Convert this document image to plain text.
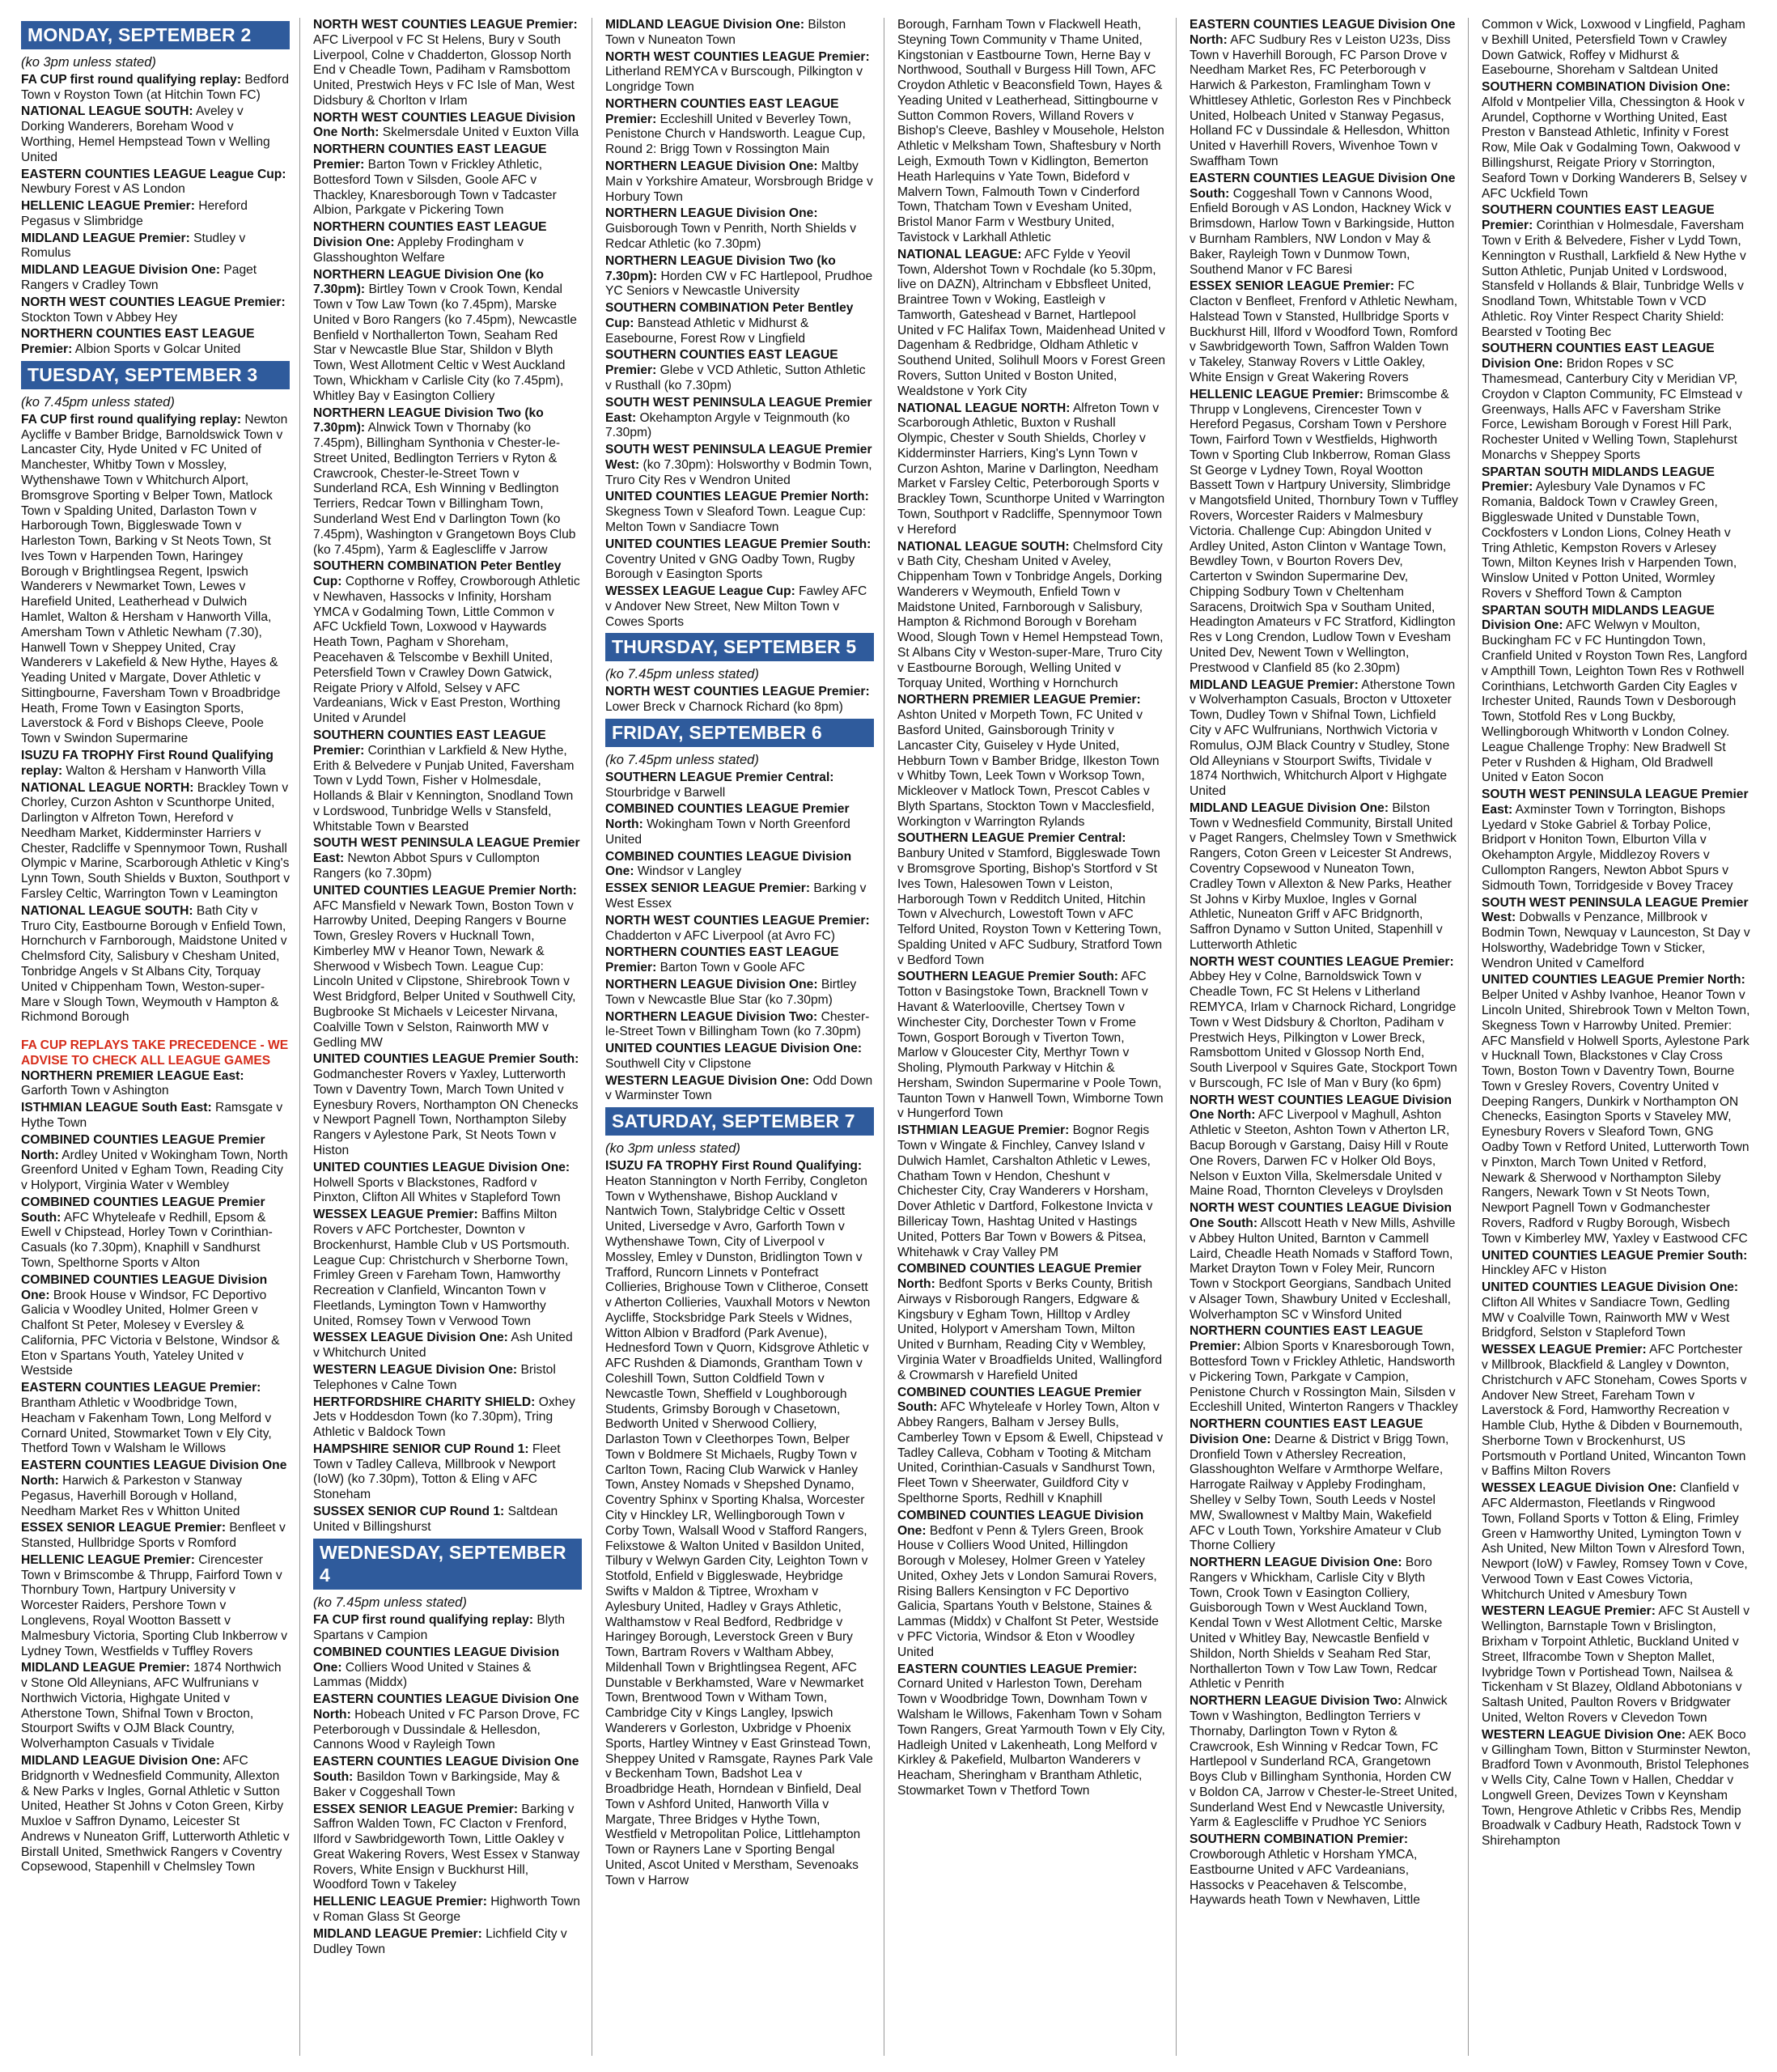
MONDAY, SEPTEMBER 2
(ko 3pm unless stated)
FA CUP first round qualifying replay: Bedford Town v Royston Town (at Hitchin Town FC)
NATIONAL LEAGUE SOUTH: Aveley v Dorking Wanderers, Boreham Wood v Worthing, Hemel Hempstead Town v Welling United
EASTERN COUNTIES LEAGUE League Cup: Newbury Forest v AS London
HELLENIC LEAGUE Premier: Hereford Pegasus v Slimbridge
MIDLAND LEAGUE Premier: Studley v Romulus
MIDLAND LEAGUE Division One: Paget Rangers v Cradley Town
NORTH WEST COUNTIES LEAGUE Premier: Stockton Town v Abbey Hey
NORTHERN COUNTIES EAST LEAGUE Premier: Albion Sports v Golcar United
TUESDAY, SEPTEMBER 3
(ko 7.45pm unless stated)
FA CUP first round qualifying replay: Newton Aycliffe v Bamber Bridge, Barnoldswick Town v Lancaster City, Hyde United v FC United of Manchester, Whitby Town v Mossley, Wythenshawe Town v Whitchurch Alport, Bromsgrove Sporting v Belper Town, Matlock Town v Spalding United, Darlaston Town v Harborough Town, Biggleswade Town v Harleston Town, Barking v St Neots Town, St Ives Town v Harpenden Town, Haringey Borough v Brightlingsea Regent, Ipswich Wanderers v Newmarket Town, Lewes v Harefield United, Leatherhead v Dulwich Hamlet, Walton & Hersham v Hanworth Villa, Amersham Town v Athletic Newham (7.30), Hanwell Town v Sheppey United, Cray Wanderers v Lakefield & New Hythe, Hayes & Yeading United v Margate, Dover Athletic v Sittingbourne, Faversham Town v Broadbridge Heath, Frome Town v Easington Sports, Laverstock & Ford v Bishops Cleeve, Poole Town v Swindon Supermarine
ISUZU FA TROPHY First Round Qualifying replay: Walton & Hersham v Hanworth Villa
NATIONAL LEAGUE NORTH: Brackley Town v Chorley, Curzon Ashton v Scunthorpe United, Darlington v Alfreton Town, Hereford v Needham Market, Kidderminster Harriers v Chester, Radcliffe v Spennymoor Town, Rushall Olympic v Marine, Scarborough Athletic v King's Lynn Town, South Shields v Buxton, Southport v Farsley Celtic, Warrington Town v Leamington
NATIONAL LEAGUE SOUTH: Bath City v Truro City, Eastbourne Borough v Enfield Town, Hornchurch v Farnborough, Maidstone United v Chelmsford City, Salisbury v Chesham United, Tonbridge Angels v St Albans City, Torquay United v Chippenham Town, Weston-super-Mare v Slough Town, Weymouth v Hampton & Richmond Borough
FA CUP REPLAYS TAKE PRECEDENCE - WE ADVISE TO CHECK ALL LEAGUE GAMES
NORTHERN PREMIER LEAGUE East: Garforth Town v Ashington
ISTHMIAN LEAGUE South East: Ramsgate v Hythe Town
COMBINED COUNTIES LEAGUE Premier North: Ardley United v Wokingham Town, North Greenford United v Egham Town, Reading City v Holyport, Virginia Water v Wembley
COMBINED COUNTIES LEAGUE Premier South: AFC Whyteleafe v Redhill, Epsom & Ewell v Chipstead, Horley Town v Corinthian-Casuals (ko 7.30pm), Knaphill v Sandhurst Town, Spelthorne Sports v Alton
COMBINED COUNTIES LEAGUE Division One: Brook House v Windsor, FC Deportivo Galicia v Woodley United, Holmer Green v Chalfont St Peter, Molesey v Eversley & California, PFC Victoria v Belstone, Windsor & Eton v Spartans Youth, Yateley United v Westside
EASTERN COUNTIES LEAGUE Premier: Brantham Athletic v Woodbridge Town, Heacham v Fakenham Town, Long Melford v Cornard United, Stowmarket Town v Ely City, Thetford Town v Walsham le Willows
EASTERN COUNTIES LEAGUE Division One North: Harwich & Parkeston v Stanway Pegasus, Haverhill Borough v Holland, Needham Market Res v Whitton United
ESSEX SENIOR LEAGUE Premier: Benfleet v Stansted, Hullbridge Sports v Romford
HELLENIC LEAGUE Premier: Cirencester Town v Brimscombe & Thrupp, Fairford Town v Thornbury Town, Hartpury University v Worcester Raiders, Pershore Town v Longlevens, Royal Wootton Bassett v Malmesbury Victoria, Sporting Club Inkberrow v Lydney Town, Westfields v Tuffley Rovers
MIDLAND LEAGUE Premier: 1874 Northwich v Stone Old Alleynians, AFC Wulfrunians v Northwich Victoria, Highgate United v Atherstone Town, Shifnal Town v Brocton, Stourport Swifts v OJM Black Country, Wolverhampton Casuals v Tividale
MIDLAND LEAGUE Division One: AFC Bridgnorth v Wednesfield Community, Allexton & New Parks v Ingles, Gornal Athletic v Sutton United, Heather St Johns v Coton Green, Kirby Muxloe v Saffron Dynamo, Leicester St Andrews v Nuneaton Griff, Lutterworth Athletic v Birstall United, Smethwick Rangers v Coventry Copsewood, Stapenhill v Chelmsley Town
NORTH WEST COUNTIES LEAGUE Premier: AFC Liverpool v FC St Helens, Bury v South Liverpool, Colne v Chadderton, Glossop North End v Cheadle Town, Padiham v Ramsbottom United, Prestwich Heys v FC Isle of Man, West Didsbury & Chorlton v Irlam
NORTH WEST COUNTIES LEAGUE Division One North: Skelmersdale United v Euxton Villa
NORTHERN COUNTIES EAST LEAGUE Premier: Barton Town v Frickley Athletic, Bottesford Town v Silsden, Goole AFC v Thackley, Knaresborough Town v Tadcaster Albion, Parkgate v Pickering Town
NORTHERN COUNTIES EAST LEAGUE Division One: Appleby Frodingham v Glasshoughton Welfare
NORTHERN LEAGUE Division One (ko 7.30pm): Birtley Town v Crook Town, Kendal Town v Tow Law Town (ko 7.45pm), Marske United v Boro Rangers (ko 7.45pm), Newcastle Benfield v Northallerton Town, Seaham Red Star v Newcastle Blue Star, Shildon v Blyth Town, West Allotment Celtic v West Auckland Town, Whickham v Carlisle City (ko 7.45pm), Whitley Bay v Easington Colliery
NORTHERN LEAGUE Division Two (ko 7.30pm): Alnwick Town v Thornaby (ko 7.45pm), Billingham Synthonia v Chester-le-Street United, Bedlington Terriers v Ryton & Crawcrook, Chester-le-Street Town v Sunderland RCA, Esh Winning v Bedlington Terriers, Redcar Town v Billingham Town, Sunderland West End v Darlington Town (ko 7.45pm), Washington v Grangetown Boys Club (ko 7.45pm), Yarm & Eaglescliffe v Jarrow
SOUTHERN COMBINATION Peter Bentley Cup: Copthorne v Roffey, Crowborough Athletic v Newhaven, Hassocks v Infinity, Horsham YMCA v Godalming Town, Little Common v AFC Uckfield Town, Loxwood v Haywards Heath Town, Pagham v Shoreham, Peacehaven & Telscombe v Bexhill United, Petersfield Town v Crawley Down Gatwick, Reigate Priory v Alfold, Selsey v AFC Vardeanians, Wick v East Preston, Worthing United v Arundel
SOUTHERN COUNTIES EAST LEAGUE Premier: Corinthian v Larkfield & New Hythe, Erith & Belvedere v Punjab United, Faversham Town v Lydd Town, Fisher v Holmesdale, Hollands & Blair v Kennington, Snodland Town v Lordswood, Tunbridge Wells v Stansfeld, Whitstable Town v Bearsted
SOUTH WEST PENINSULA LEAGUE Premier East: Newton Abbot Spurs v Cullompton Rangers (ko 7.30pm)
UNITED COUNTIES LEAGUE Premier North: AFC Mansfield v Newark Town, Boston Town v Harrowby United, Deeping Rangers v Bourne Town, Gresley Rovers v Hucknall Town, Kimberley MW v Heanor Town, Newark & Sherwood v Wisbech Town. League Cup: Lincoln United v Clipstone, Shirebrook Town v West Bridgford, Belper United v Southwell City, Bugbrooke St Michaels v Leicester Nirvana, Coalville Town v Selston, Rainworth MW v Gedling MW
UNITED COUNTIES LEAGUE Premier South: Godmanchester Rovers v Yaxley, Lutterworth Town v Daventry Town, March Town United v Eynesbury Rovers, Northampton ON Chenecks v Newport Pagnell Town, Northampton Sileby Rangers v Aylestone Park, St Neots Town v Histon
UNITED COUNTIES LEAGUE Division One: Holwell Sports v Blackstones, Radford v Pinxton, Clifton All Whites v Stapleford Town
WESSEX LEAGUE Premier: Baffins Milton Rovers v AFC Portchester, Downton v Brockenhurst, Hamble Club v US Portsmouth. League Cup: Christchurch v Sherborne Town, Frimley Green v Fareham Town, Hamworthy Recreation v Clanfield, Wincanton Town v Fleetlands, Lymington Town v Hamworthy United, Romsey Town v Verwood Town
WESSEX LEAGUE Division One: Ash United v Whitchurch United
WESTERN LEAGUE Division One: Bristol Telephones v Calne Town
HERTFORDSHIRE CHARITY SHIELD: Oxhey Jets v Hoddesdon Town (ko 7.30pm), Tring Athletic v Baldock Town
HAMPSHIRE SENIOR CUP Round 1: Fleet Town v Tadley Calleva, Millbrook v Newport (IoW) (ko 7.30pm), Totton & Eling v AFC Stoneham
SUSSEX SENIOR CUP Round 1: Saltdean United v Billingshurst
WEDNESDAY, SEPTEMBER 4
(ko 7.45pm unless stated)
FA CUP first round qualifying replay: Blyth Spartans v Campion
COMBINED COUNTIES LEAGUE Division One: Colliers Wood United v Staines & Lammas (Middx)
EASTERN COUNTIES LEAGUE Division One North: Hobeach United v FC Parson Drove, FC Peterborough v Dussindale & Hellesdon, Cannons Wood v Rayleigh Town
EASTERN COUNTIES LEAGUE Division One South: Basildon Town v Barkingside, May & Baker v Coggeshall Town
ESSEX SENIOR LEAGUE Premier: Barking v Saffron Walden Town, FC Clacton v Frenford, Ilford v Sawbridgeworth Town, Little Oakley v Great Wakering Rovers, West Essex v Stanway Rovers, White Ensign v Buckhurst Hill, Woodford Town v Takeley
HELLENIC LEAGUE Premier: Highworth Town v Roman Glass St George
MIDLAND LEAGUE Premier: Lichfield City v Dudley Town
MIDLAND LEAGUE Division One: Bilston Town v Nuneaton Town
NORTH WEST COUNTIES LEAGUE Premier: Litherland REMYCA v Burscough, Pilkington v Longridge Town
NORTHERN COUNTIES EAST LEAGUE Premier: Eccleshill United v Beverley Town, Penistone Church v Handsworth. League Cup, Round 2: Brigg Town v Rossington Main
NORTHERN LEAGUE Division One: Maltby Main v Yorkshire Amateur, Worsbrough Bridge v Horbury Town
NORTHERN LEAGUE Division One: Guisborough Town v Penrith, North Shields v Redcar Athletic (ko 7.30pm)
NORTHERN LEAGUE Division Two (ko 7.30pm): Horden CW v FC Hartlepool, Prudhoe YC Seniors v Newcastle University
SOUTHERN COMBINATION Peter Bentley Cup: Banstead Athletic v Midhurst & Easebourne, Forest Row v Lingfield
SOUTHERN COUNTIES EAST LEAGUE Premier: Glebe v VCD Athletic, Sutton Athletic v Rusthall (ko 7.30pm)
SOUTH WEST PENINSULA LEAGUE Premier East: Okehampton Argyle v Teignmouth (ko 7.30pm)
SOUTH WEST PENINSULA LEAGUE Premier West: (ko 7.30pm): Holsworthy v Bodmin Town, Truro City Res v Wendron United
UNITED COUNTIES LEAGUE Premier North: Skegness Town v Sleaford Town. League Cup: Melton Town v Sandiacre Town
UNITED COUNTIES LEAGUE Premier South: Coventry United v GNG Oadby Town, Rugby Borough v Easington Sports
WESSEX LEAGUE League Cup: Fawley AFC v Andover New Street, New Milton Town v Cowes Sports
THURSDAY, SEPTEMBER 5
(ko 7.45pm unless stated)
NORTH WEST COUNTIES LEAGUE Premier: Lower Breck v Charnock Richard (ko 8pm)
FRIDAY, SEPTEMBER 6
(ko 7.45pm unless stated)
SOUTHERN LEAGUE Premier Central: Stourbridge v Barwell
COMBINED COUNTIES LEAGUE Premier North: Wokingham Town v North Greenford United
COMBINED COUNTIES LEAGUE Division One: Windsor v Langley
ESSEX SENIOR LEAGUE Premier: Barking v West Essex
NORTH WEST COUNTIES LEAGUE Premier: Chadderton v AFC Liverpool (at Avro FC)
NORTHERN COUNTIES EAST LEAGUE Premier: Barton Town v Goole AFC
NORTHERN LEAGUE Division One: Birtley Town v Newcastle Blue Star (ko 7.30pm)
NORTHERN LEAGUE Division Two: Chester-le-Street Town v Billingham Town (ko 7.30pm)
UNITED COUNTIES LEAGUE Division One: Southwell City v Clipstone
WESTERN LEAGUE Division One: Odd Down v Warminster Town
SATURDAY, SEPTEMBER 7
(ko 3pm unless stated)
ISUZU FA TROPHY First Round Qualifying: Heaton Stannington v North Ferriby, Congleton Town v Wythenshawe, Bishop Auckland v Nantwich Town, Stalybridge Celtic v Ossett United, Liversedge v Avro, Garforth Town v Wythenshawe Town, City of Liverpool v Mossley, Emley v Dunston, Bridlington Town v Trafford, Runcorn Linnets v Pontefract Collieries, Brighouse Town v Clitheroe, Consett v Atherton Collieries, Vauxhall Motors v Newton Aycliffe, Stocksbridge Park Steels v Widnes, Witton Albion v Bradford (Park Avenue), Hednesford Town v Quorn, Kidsgrove Athletic v AFC Rushden & Diamonds, Grantham Town v Coleshill Town, Sutton Coldfield Town v Newcastle Town, Sheffield v Loughborough Students, Grimsby Borough v Chasetown, Bedworth United v Sherwood Colliery, Darlaston Town v Cleethorpes Town, Belper Town v Boldmere St Michaels, Rugby Town v Carlton Town, Racing Club Warwick v Hanley Town, Anstey Nomads v Shepshed Dynamo, Coventry Sphinx v Sporting Khalsa, Worcester City v Hinckley LR, Wellingborough Town v Corby Town, Walsall Wood v Stafford Rangers, Felixstowe & Walton United v Basildon United, Tilbury v Welwyn Garden City, Leighton Town v Stotfold, Enfield v Biggleswade, Heybridge Swifts v Maldon & Tiptree, Wroxham v Aylesbury United, Hadley v Grays Athletic, Walthamstow v Real Bedford, Redbridge v Haringey Borough, Leverstock Green v Bury Town, Bartram Rovers v Waltham Abbey, Mildenhall Town v Brightlingsea Regent, AFC Dunstable v Berkhamsted, Ware v Newmarket Town, Brentwood Town v Witham Town, Cambridge City v Kings Langley, Ipswich Wanderers v Gorleston, Uxbridge v Phoenix Sports, Hartley Wintney v East Grinstead Town, Sheppey United v Ramsgate, Raynes Park Vale v Beckenham Town, Badshot Lea v Broadbridge Heath, Horndean v Binfield, Deal Town v Ashford United, Hanworth Villa v Margate, Three Bridges v Hythe Town, Westfield v Metropolitan Police, Littlehampton Town or Rayners Lane v Sporting Bengal United, Ascot United v Merstham, Sevenoaks Town v Harrow
Borough, Farnham Town v Flackwell Heath, Steyning Town Community v Thame United, Kingstonian v Eastbourne Town, Herne Bay v Northwood, Southall v Burgess Hill Town, AFC Croydon Athletic v Beaconsfield Town, Hayes & Yeading United v Leatherhead, Sittingbourne v Sutton Common Rovers, Willand Rovers v Bishop's Cleeve, Bashley v Mousehole, Helston Athletic v Melksham Town, Shaftesbury v North Leigh, Exmouth Town v Kidlington, Bemerton Heath Harlequins v Yate Town, Bideford v Malvern Town, Falmouth Town v Cinderford Town, Thatcham Town v Evesham United, Bristol Manor Farm v Westbury United, Tavistock v Larkhall Athletic
NATIONAL LEAGUE: AFC Fylde v Yeovil Town, Aldershot Town v Rochdale (ko 5.30pm, live on DAZN), Altrincham v Ebbsfleet United, Braintree Town v Woking, Eastleigh v Tamworth, Gateshead v Barnet, Hartlepool United v FC Halifax Town, Maidenhead United v Dagenham & Redbridge, Oldham Athletic v Southend United, Solihull Moors v Forest Green Rovers, Sutton United v Boston United, Wealdstone v York City
NATIONAL LEAGUE NORTH: Alfreton Town v Scarborough Athletic, Buxton v Rushall Olympic, Chester v South Shields, Chorley v Kidderminster Harriers, King's Lynn Town v Curzon Ashton, Marine v Darlington, Needham Market v Farsley Celtic, Peterborough Sports v Brackley Town, Scunthorpe United v Warrington Town, Southport v Radcliffe, Spennymoor Town v Hereford
NATIONAL LEAGUE SOUTH: Chelmsford City v Bath City, Chesham United v Aveley, Chippenham Town v Tonbridge Angels, Dorking Wanderers v Weymouth, Enfield Town v Maidstone United, Farnborough v Salisbury, Hampton & Richmond Borough v Boreham Wood, Slough Town v Hemel Hempstead Town, St Albans City v Weston-super-Mare, Truro City v Eastbourne Borough, Welling United v Torquay United, Worthing v Hornchurch
NORTHERN PREMIER LEAGUE Premier: Ashton United v Morpeth Town, FC United v Basford United, Gainsborough Trinity v Lancaster City, Guiseley v Hyde United, Hebburn Town v Bamber Bridge, Ilkeston Town v Whitby Town, Leek Town v Worksop Town, Mickleover v Matlock Town, Prescot Cables v Blyth Spartans, Stockton Town v Macclesfield, Workington v Warrington Rylands
SOUTHERN LEAGUE Premier Central: Banbury United v Stamford, Biggleswade Town v Bromsgrove Sporting, Bishop's Stortford v St Ives Town, Halesowen Town v Leiston, Harborough Town v Redditch United, Hitchin Town v Alvechurch, Lowestoft Town v AFC Telford United, Royston Town v Kettering Town, Spalding United v AFC Sudbury, Stratford Town v Bedford Town
SOUTHERN LEAGUE Premier South: AFC Totton v Basingstoke Town, Bracknell Town v Havant & Waterlooville, Chertsey Town v Winchester City, Dorchester Town v Frome Town, Gosport Borough v Tiverton Town, Marlow v Gloucester City, Merthyr Town v Sholing, Plymouth Parkway v Hitchin & Hersham, Swindon Supermarine v Poole Town, Taunton Town v Hanwell Town, Wimborne Town v Hungerford Town
ISTHMIAN LEAGUE Premier: Bognor Regis Town v Wingate & Finchley, Canvey Island v Dulwich Hamlet, Carshalton Athletic v Lewes, Chatham Town v Hendon, Cheshunt v Chichester City, Cray Wanderers v Horsham, Dover Athletic v Dartford, Folkestone Invicta v Billericay Town, Hashtag United v Hastings United, Potters Bar Town v Bowers & Pitsea, Whitehawk v Cray Valley PM
COMBINED COUNTIES LEAGUE Premier North: Bedfont Sports v Berks County, British Airways v Risborough Rangers, Edgware & Kingsbury v Egham Town, Hilltop v Ardley United, Holyport v Amersham Town, Milton United v Burnham, Reading City v Wembley, Virginia Water v Broadfields United, Wallingford & Crowmarsh v Harefield United
COMBINED COUNTIES LEAGUE Premier South: AFC Whyteleafe v Horley Town, Alton v Abbey Rangers, Balham v Jersey Bulls, Camberley Town v Epsom & Ewell, Chipstead v Tadley Calleva, Cobham v Tooting & Mitcham United, Corinthian-Casuals v Sandhurst Town, Fleet Town v Sheerwater, Guildford City v Spelthorne Sports, Redhill v Knaphill
COMBINED COUNTIES LEAGUE Division One: Bedfont v Penn & Tylers Green, Brook House v Colliers Wood United, Hillingdon Borough v Molesey, Holmer Green v Yateley United, Oxhey Jets v London Samurai Rovers, Rising Ballers Kensington v FC Deportivo Galicia, Spartans Youth v Belstone, Staines & Lammas (Middx) v Chalfont St Peter, Westside v PFC Victoria, Windsor & Eton v Woodley United
EASTERN COUNTIES LEAGUE Premier: Cornard United v Harleston Town, Dereham Town v Woodbridge Town, Downham Town v Walsham le Willows, Fakenham Town v Soham Town Rangers, Great Yarmouth Town v Ely City, Hadleigh United v Lakenheath, Long Melford v Kirkley & Pakefield, Mulbarton Wanderers v Heacham, Sheringham v Brantham Athletic, Stowmarket Town v Thetford Town
EASTERN COUNTIES LEAGUE Division One North: AFC Sudbury Res v Leiston U23s, Diss Town v Haverhill Borough, FC Parson Drove v Needham Market Res, FC Peterborough v Harwich & Parkeston, Framlingham Town v Whittlesey Athletic, Gorleston Res v Pinchbeck United, Holbeach United v Stanway Pegasus, Holland FC v Dussindale & Hellesdon, Whitton United v Haverhill Rovers, Wivenhoe Town v Swaffham Town
EASTERN COUNTIES LEAGUE Division One South: Coggeshall Town v Cannons Wood, Enfield Borough v AS London, Hackney Wick v Brimsdown, Harlow Town v Barkingside, Hutton v Burnham Ramblers, NW London v May & Baker, Rayleigh Town v Dunmow Town, Southend Manor v FC Baresi
ESSEX SENIOR LEAGUE Premier: FC Clacton v Benfleet, Frenford v Athletic Newham, Halstead Town v Stansted, Hullbridge Sports v Buckhurst Hill, Ilford v Woodford Town, Romford v Sawbridgeworth Town, Saffron Walden Town v Takeley, Stanway Rovers v Little Oakley, White Ensign v Great Wakering Rovers
HELLENIC LEAGUE Premier: Brimscombe & Thrupp v Longlevens, Cirencester Town v Hereford Pegasus, Corsham Town v Pershore Town, Fairford Town v Westfields, Highworth Town v Sporting Club Inkberrow, Roman Glass St George v Lydney Town, Royal Wootton Bassett Town v Hartpury University, Slimbridge v Mangotsfield United, Thornbury Town v Tuffley Rovers, Worcester Raiders v Malmesbury Victoria. Challenge Cup: Abingdon United v Ardley United, Aston Clinton v Wantage Town, Bewdley Town, v Bourton Rovers Dev, Carterton v Swindon Supermarine Dev, Chipping Sodbury Town v Cheltenham Saracens, Droitwich Spa v Southam United, Headington Amateurs v FC Stratford, Kidlington Res v Long Crendon, Ludlow Town v Evesham United Dev, Newent Town v Wellington, Prestwood v Clanfield 85 (ko 2.30pm)
MIDLAND LEAGUE Premier: Atherstone Town v Wolverhampton Casuals, Brocton v Uttoxeter Town, Dudley Town v Shifnal Town, Lichfield City v AFC Wulfrunians, Northwich Victoria v Romulus, OJM Black Country v Studley, Stone Old Alleynians v Stourport Swifts, Tividale v 1874 Northwich, Whitchurch Alport v Highgate United
MIDLAND LEAGUE Division One: Bilston Town v Wednesfield Community, Birstall United v Paget Rangers, Chelmsley Town v Smethwick Rangers, Coton Green v Leicester St Andrews, Coventry Copsewood v Nuneaton Town, Cradley Town v Allexton & New Parks, Heather St Johns v Kirby Muxloe, Ingles v Gornal Athletic, Nuneaton Griff v AFC Bridgnorth, Saffron Dynamo v Sutton United, Stapenhill v Lutterworth Athletic
NORTH WEST COUNTIES LEAGUE Premier: Abbey Hey v Colne, Barnoldswick Town v Cheadle Town, FC St Helens v Litherland REMYCA, Irlam v Charnock Richard, Longridge Town v West Didsbury & Chorlton, Padiham v Prestwich Heys, Pilkington v Lower Breck, Ramsbottom United v Glossop North End, South Liverpool v Squires Gate, Stockport Town v Burscough, FC Isle of Man v Bury (ko 6pm)
NORTH WEST COUNTIES LEAGUE Division One North: AFC Liverpool v Maghull, Ashton Athletic v Steeton, Ashton Town v Atherton LR, Bacup Borough v Garstang, Daisy Hill v Route One Rovers, Darwen FC v Holker Old Boys, Nelson v Euxton Villa, Skelmersdale United v Maine Road, Thornton Cleveleys v Droylsden
NORTH WEST COUNTIES LEAGUE Division One South: Allscott Heath v New Mills, Ashville v Abbey Hulton United, Barnton v Cammell Laird, Cheadle Heath Nomads v Stafford Town, Market Drayton Town v Foley Meir, Runcorn Town v Stockport Georgians, Sandbach United v Alsager Town, Shawbury United v Eccleshall, Wolverhampton SC v Winsford United
NORTHERN COUNTIES EAST LEAGUE Premier: Albion Sports v Knaresborough Town, Bottesford Town v Frickley Athletic, Handsworth v Pickering Town, Parkgate v Campion, Penistone Church v Rossington Main, Silsden v Eccleshill United, Winterton Rangers v Thackley
NORTHERN COUNTIES EAST LEAGUE Division One: Dearne & District v Brigg Town, Dronfield Town v Athersley Recreation, Glasshoughton Welfare v Armthorpe Welfare, Harrogate Railway v Appleby Frodingham, Shelley v Selby Town, South Leeds v Nostel MW, Swallownest v Maltby Main, Wakefield AFC v Louth Town, Yorkshire Amateur v Club Thorne Colliery
NORTHERN LEAGUE Division One: Boro Rangers v Whickham, Carlisle City v Blyth Town, Crook Town v Easington Colliery, Guisborough Town v West Auckland Town, Kendal Town v West Allotment Celtic, Marske United v Whitley Bay, Newcastle Benfield v Shildon, North Shields v Seaham Red Star, Northallerton Town v Tow Law Town, Redcar Athletic v Penrith
NORTHERN LEAGUE Division Two: Alnwick Town v Washington, Bedlington Terriers v Thornaby, Darlington Town v Ryton & Crawcrook, Esh Winning v Redcar Town, FC Hartlepool v Sunderland RCA, Grangetown Boys Club v Billingham Synthonia, Horden CW v Boldon CA, Jarrow v Chester-le-Street United, Sunderland West End v Newcastle University, Yarm & Eaglescliffe v Prudhoe YC Seniors
SOUTHERN COMBINATION Premier: Crowborough Athletic v Horsham YMCA, Eastbourne United v AFC Vardeanians, Hassocks v Peacehaven & Telscombe, Haywards heath Town v Newhaven, Little
Common v Wick, Loxwood v Lingfield, Pagham v Bexhill United, Petersfield Town v Crawley Down Gatwick, Roffey v Midhurst & Easebourne, Shoreham v Saltdean United
SOUTHERN COMBINATION Division One: Alfold v Montpelier Villa, Chessington & Hook v Arundel, Copthorne v Worthing United, East Preston v Banstead Athletic, Infinity v Forest Row, Mile Oak v Godalming Town, Oakwood v Billingshurst, Reigate Priory v Storrington, Seaford Town v Dorking Wanderers B, Selsey v AFC Uckfield Town
SOUTHERN COUNTIES EAST LEAGUE Premier: Corinthian v Holmesdale, Faversham Town v Erith & Belvedere, Fisher v Lydd Town, Kennington v Rusthall, Larkfield & New Hythe v Sutton Athletic, Punjab United v Lordswood, Stansfeld v Hollands & Blair, Tunbridge Wells v Snodland Town, Whitstable Town v VCD Athletic. Roy Vinter Respect Charity Shield: Bearsted v Tooting Bec
SOUTHERN COUNTIES EAST LEAGUE Division One: Bridon Ropes v SC Thamesmead, Canterbury City v Meridian VP, Croydon v Clapton Community, FC Elmstead v Greenways, Halls AFC v Faversham Strike Force, Lewisham Borough v Forest Hill Park, Rochester United v Welling Town, Staplehurst Monarchs v Sheppey Sports
SPARTAN SOUTH MIDLANDS LEAGUE Premier: Aylesbury Vale Dynamos v FC Romania, Baldock Town v Crawley Green, Biggleswade United v Dunstable Town, Cockfosters v London Lions, Colney Heath v Tring Athletic, Kempston Rovers v Arlesey Town, Milton Keynes Irish v Harpenden Town, Winslow United v Potton United, Wormley Rovers v Shefford Town & Campton
SPARTAN SOUTH MIDLANDS LEAGUE Division One: AFC Welwyn v Moulton, Buckingham FC v FC Huntingdon Town, Cranfield United v Royston Town Res, Langford v Ampthill Town, Leighton Town Res v Rothwell Corinthians, Letchworth Garden City Eagles v Irchester United, Raunds Town v Desborough Town, Stotfold Res v Long Buckby, Wellingborough Whitworth v London Colney. League Challenge Trophy: New Bradwell St Peter v Rushden & Higham, Old Bradwell United v Eaton Socon
SOUTH WEST PENINSULA LEAGUE Premier East: Axminster Town v Torrington, Bishops Lyedard v Stoke Gabriel & Torbay Police, Bridport v Honiton Town, Elburton Villa v Okehampton Argyle, Middlezoy Rovers v Cullompton Rangers, Newton Abbot Spurs v Sidmouth Town, Torridgeside v Bovey Tracey
SOUTH WEST PENINSULA LEAGUE Premier West: Dobwalls v Penzance, Millbrook v Bodmin Town, Newquay v Launceston, St Day v Holsworthy, Wadebridge Town v Sticker, Wendron United v Camelford
UNITED COUNTIES LEAGUE Premier North: Belper United v Ashby Ivanhoe, Heanor Town v Lincoln United, Shirebrook Town v Melton Town, Skegness Town v Harrowby United. Premier: AFC Mansfield v Holwell Sports, Aylestone Park v Hucknall Town, Blackstones v Clay Cross Town, Boston Town v Daventry Town, Bourne Town v Gresley Rovers, Coventry United v Deeping Rangers, Dunkirk v Northampton ON Chenecks, Easington Sports v Staveley MW, Eynesbury Rovers v Sleaford Town, GNG Oadby Town v Retford United, Lutterworth Town v Pinxton, March Town United v Retford, Newark & Sherwood v Northampton Sileby Rangers, Newark Town v St Neots Town, Newport Pagnell Town v Godmanchester Rovers, Radford v Rugby Borough, Wisbech Town v Kimberley MW, Yaxley v Eastwood CFC
UNITED COUNTIES LEAGUE Premier South: Hinckley AFC v Histon
UNITED COUNTIES LEAGUE Division One: Clifton All Whites v Sandiacre Town, Gedling MW v Coalville Town, Rainworth MW v West Bridgford, Selston v Stapleford Town
WESSEX LEAGUE Premier: AFC Portchester v Millbrook, Blackfield & Langley v Downton, Christchurch v AFC Stoneham, Cowes Sports v Andover New Street, Fareham Town v Laverstock & Ford, Hamworthy Recreation v Hamble Club, Hythe & Dibden v Bournemouth, Sherborne Town v Brockenhurst, US Portsmouth v Portland United, Wincanton Town v Baffins Milton Rovers
WESSEX LEAGUE Division One: Clanfield v AFC Aldermaston, Fleetlands v Ringwood Town, Folland Sports v Totton & Eling, Frimley Green v Hamworthy United, Lymington Town v Ash United, New Milton Town v Alresford Town, Newport (IoW) v Fawley, Romsey Town v Cove, Verwood Town v East Cowes Victoria, Whitchurch United v Amesbury Town
WESTERN LEAGUE Premier: AFC St Austell v Wellington, Barnstaple Town v Brislington, Brixham v Torpoint Athletic, Buckland United v Street, Ilfracombe Town v Shepton Mallet, Ivybridge Town v Portishead Town, Nailsea & Tickenham v St Blazey, Oldland Abbotonians v Saltash United, Paulton Rovers v Bridgwater United, Welton Rovers v Clevedon Town
WESTERN LEAGUE Division One: AEK Boco v Gillingham Town, Bitton v Sturminster Newton, Bradford Town v Avonmouth, Bristol Telephones v Wells City, Calne Town v Hallen, Cheddar v Longwell Green, Devizes Town v Keynsham Town, Hengrove Athletic v Cribbs Res, Mendip Broadwalk v Cadbury Heath, Radstock Town v Shirehampton
